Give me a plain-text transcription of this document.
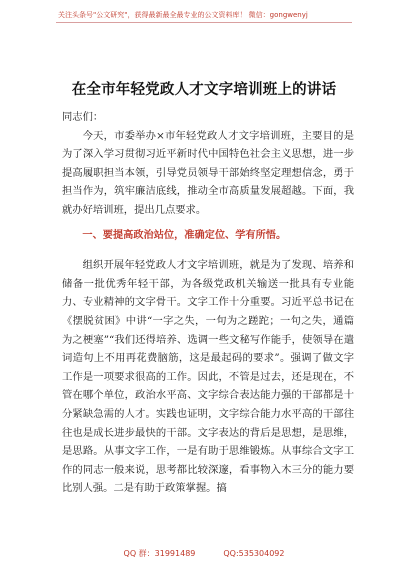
关注头条号"公文研究"，获得最新最全最专业的公文资料库！ 微信：gongwenyj
在全市年轻党政人才文字培训班上的讲话

同志们：

今天，市委举办×市年轻党政人才文字培训班，主要目的是为了深入学习贯彻习近平新时代中国特色社会主义思想，进一步提高履职担当本领，引导党员领导干部始终坚定理想信念，勇于担当作为，筑牢廉洁底线，推动全市高质量发展超越。下面，我就办好培训班，提出几点要求。

一、要提高政治站位，准确定位、学有所悟。

组织开展年轻党政人才文字培训班，就是为了发现、培养和储备一批优秀年轻干部，为各级党政机关输送一批具有专业能力、专业精神的文字骨干。文字工作十分重要。习近平总书记在《摆脱贫困》中讲“一字之失，一句为之蹉跎；一句之失，通篇为之梗塞”“我们还得培养、选调一些文秘写作能手，使领导在遣词造句上不用再花费脑筋，这是最起码的要求”。强调了做文字工作是一项要求很高的工作。因此，不管是过去，还是现在，不管在哪个单位，政治水平高、文字综合表达能力强的干部都是十分紧缺急需的人才。实践也证明，文字综合能力水平高的干部往往也是成长进步最快的干部。文字表达的背后是思想，是思维，是思路。从事文字工作，一是有助于思维锻炼。从事综合文字工作的同志一般来说，思考都比较深邃，看事物入木三分的能力要比别人强。二是有助于政策掌握。搞

QQ 群：31991489	QQ:535304092
